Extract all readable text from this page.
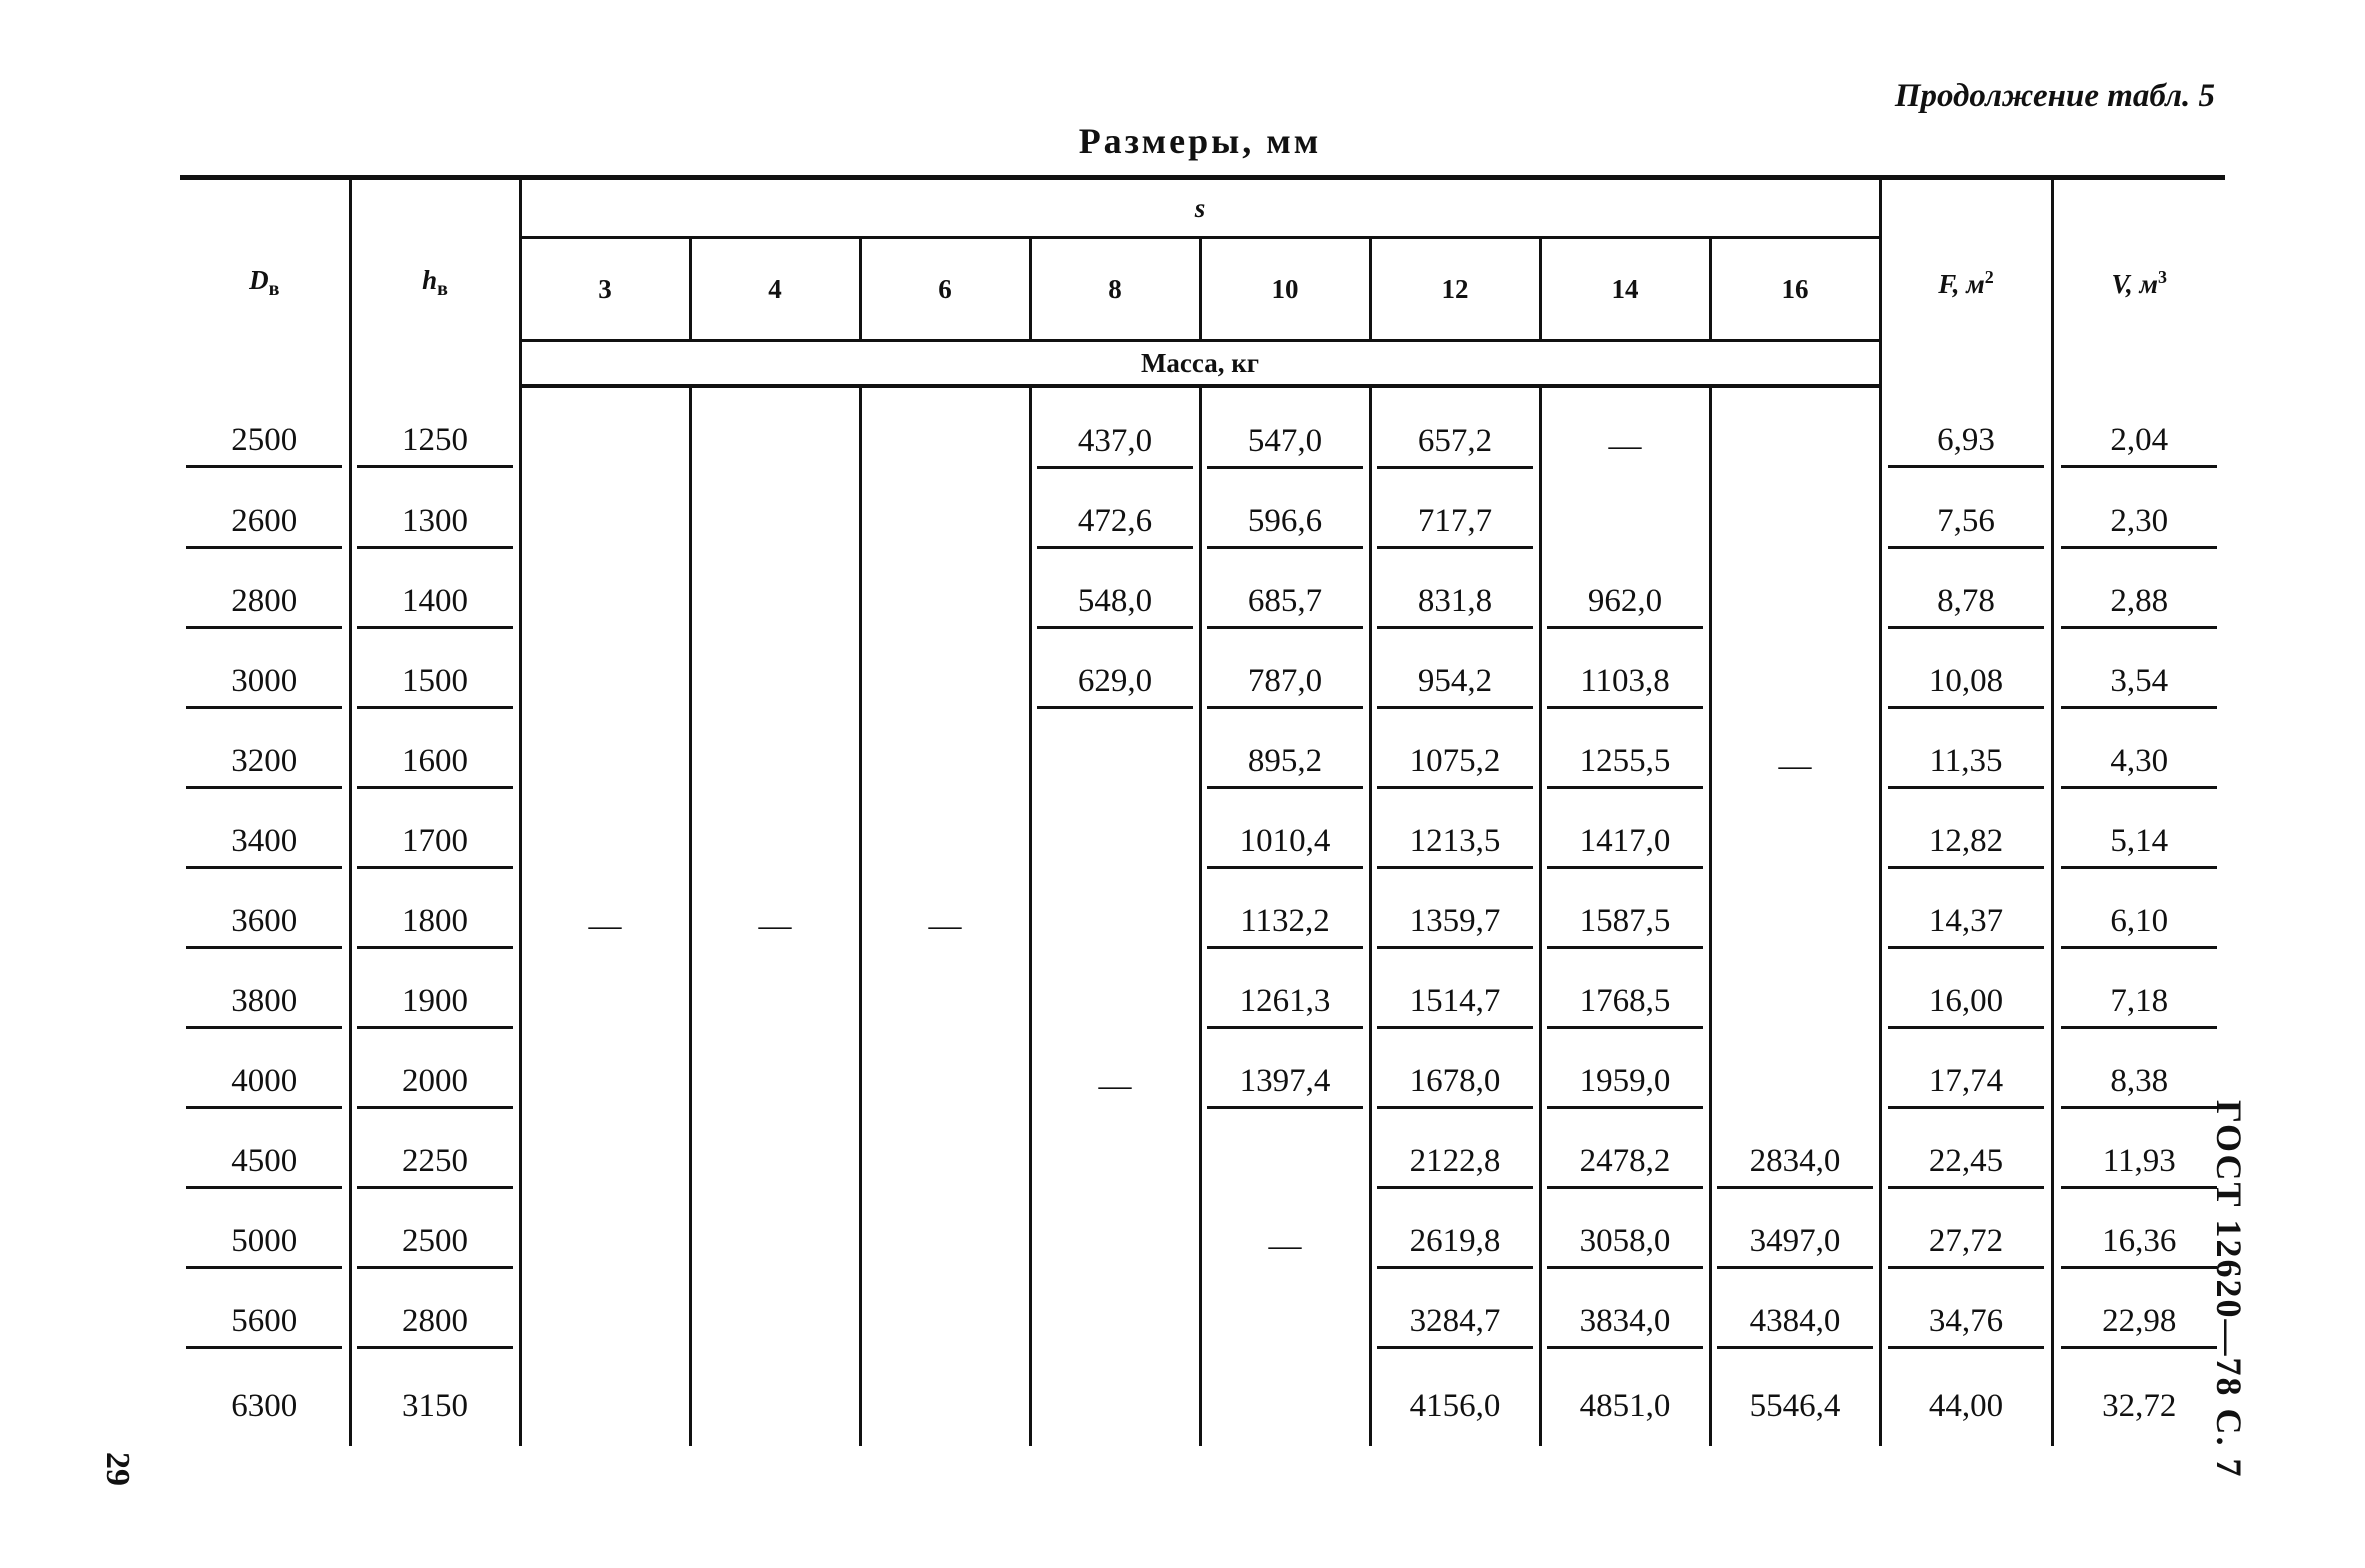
Продолжение табл. 5
Размеры, мм
$D_в$	$h_в$	s								F, $м^2$	V, $м^3$
		3	4	6	8	10	12	14	16		
		Масса, кг									
2500	1250				437,0	547,0	657,2	—		6,93	2,04
2600	1300				472,6	596,6	717,7			7,56	2,30
2800	1400				548,0	685,7	831,8	962,0		8,78	2,88
3000	1500				629,0	787,0	954,2	1103,8		10,08	3,54
3200	1600					895,2	1075,2	1255,5	—	11,35	4,30
3400	1700					1010,4	1213,5	1417,0		12,82	5,14
3600	1800	—	—	—		1132,2	1359,7	1587,5		14,37	6,10
3800	1900					1261,3	1514,7	1768,5		16,00	7,18
4000	2000				—	1397,4	1678,0	1959,0		17,74	8,38
4500	2250						2122,8	2478,2	2834,0	22,45	11,93
5000	2500					—	2619,8	3058,0	3497,0	27,72	16,36
5600	2800						3284,7	3834,0	4384,0	34,76	22,98
6300	3150						4156,0	4851,0	5546,4	44,00	32,72
29	ГОСТ 12620—78 С. 7
